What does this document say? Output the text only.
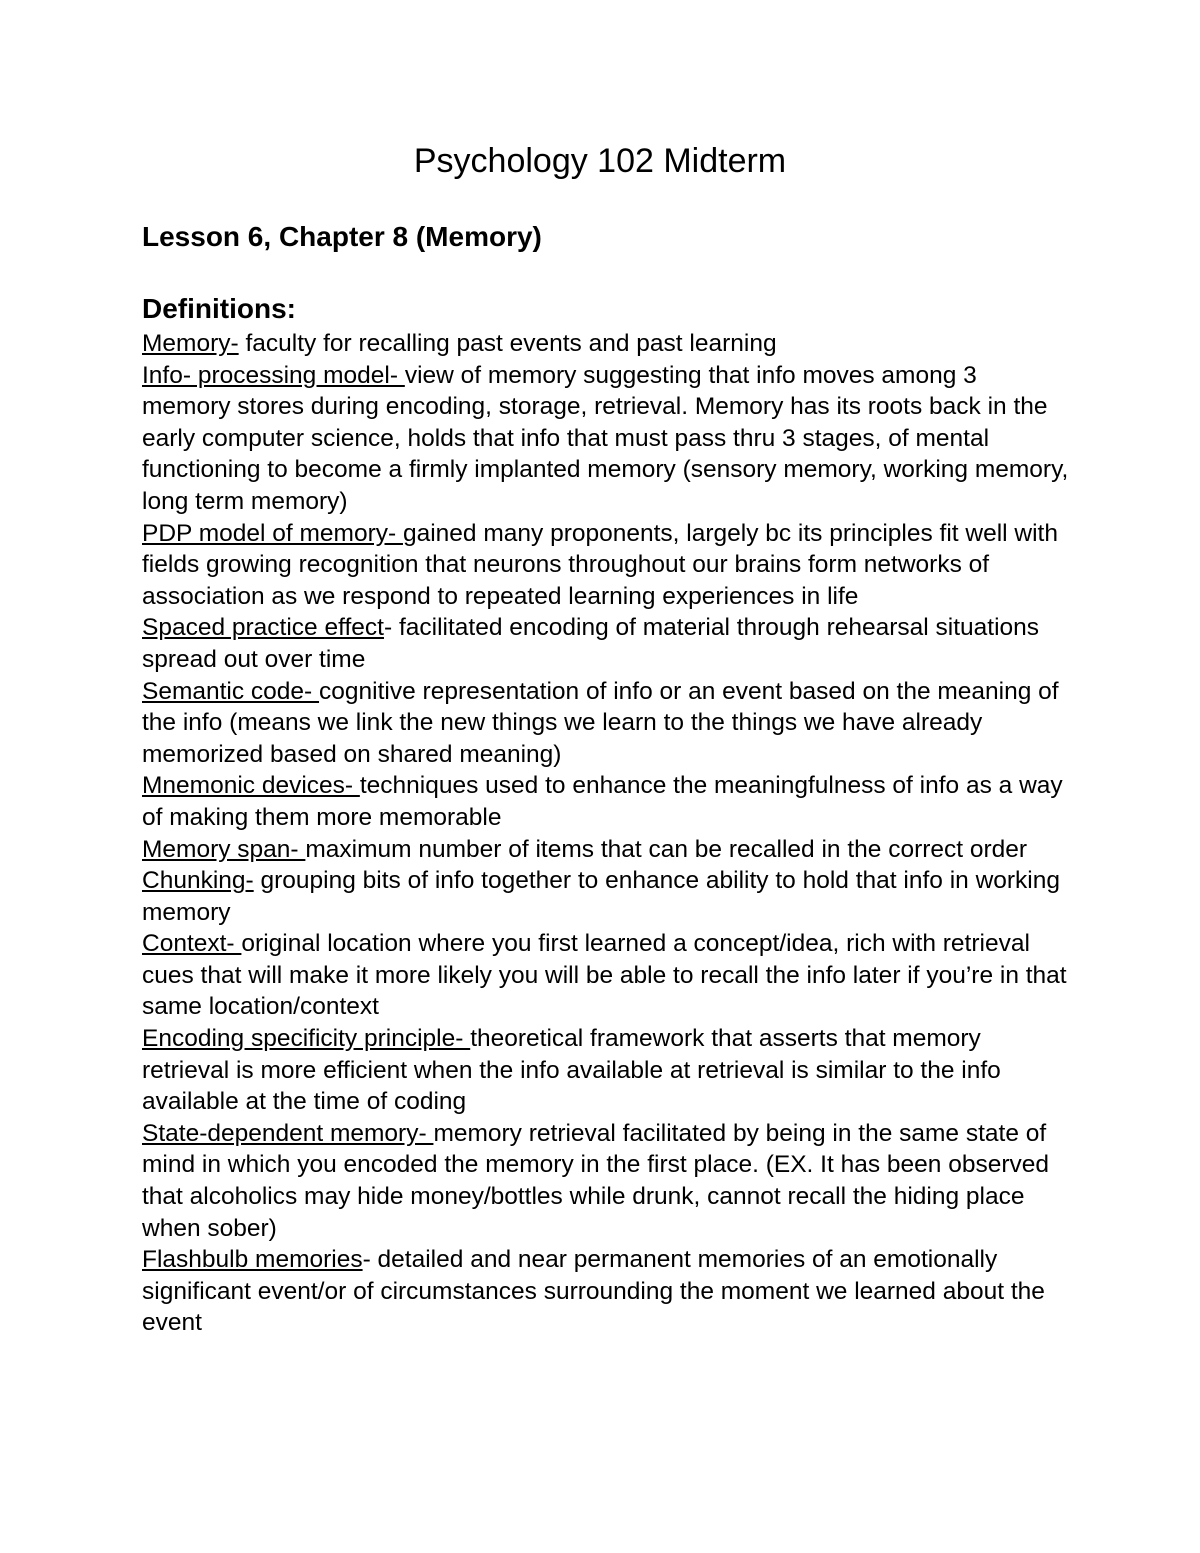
Psychology 102 Midterm
Lesson 6, Chapter 8 (Memory)
Definitions:

Memory- faculty for recalling past events and past learning

Info- processing model- view of memory suggesting that info moves among 3 memory stores during encoding, storage, retrieval. Memory has its roots back in the early computer science, holds that info that must pass thru 3 stages, of mental functioning to become a firmly implanted memory (sensory memory, working memory, long term memory)

PDP model of memory- gained many proponents, largely bc its principles fit well with fields growing recognition that neurons throughout our brains form networks of association as we respond to repeated learning experiences in life

Spaced practice effect- facilitated encoding of material through rehearsal situations spread out over time

Semantic code- cognitive representation of info or an event based on the meaning of the info (means we link the new things we learn to the things we have already memorized based on shared meaning)

Mnemonic devices- techniques used to enhance the meaningfulness of info as a way of making them more memorable

Memory span- maximum number of items that can be recalled in the correct order

Chunking- grouping bits of info together to enhance ability to hold that info in working memory

Context- original location where you first learned a concept/idea, rich with retrieval cues that will make it more likely you will be able to recall the info later if you’re in that same location/context

Encoding specificity principle- theoretical framework that asserts that memory retrieval is more efficient when the info available at retrieval is similar to the info available at the time of coding

State-dependent memory- memory retrieval facilitated by being in the same state of mind in which you encoded the memory in the first place. (EX. It has been observed that alcoholics may hide money/bottles while drunk, cannot recall the hiding place when sober)

Flashbulb memories- detailed and near permanent memories of an emotionally significant event/or of circumstances surrounding the moment we learned about the event
